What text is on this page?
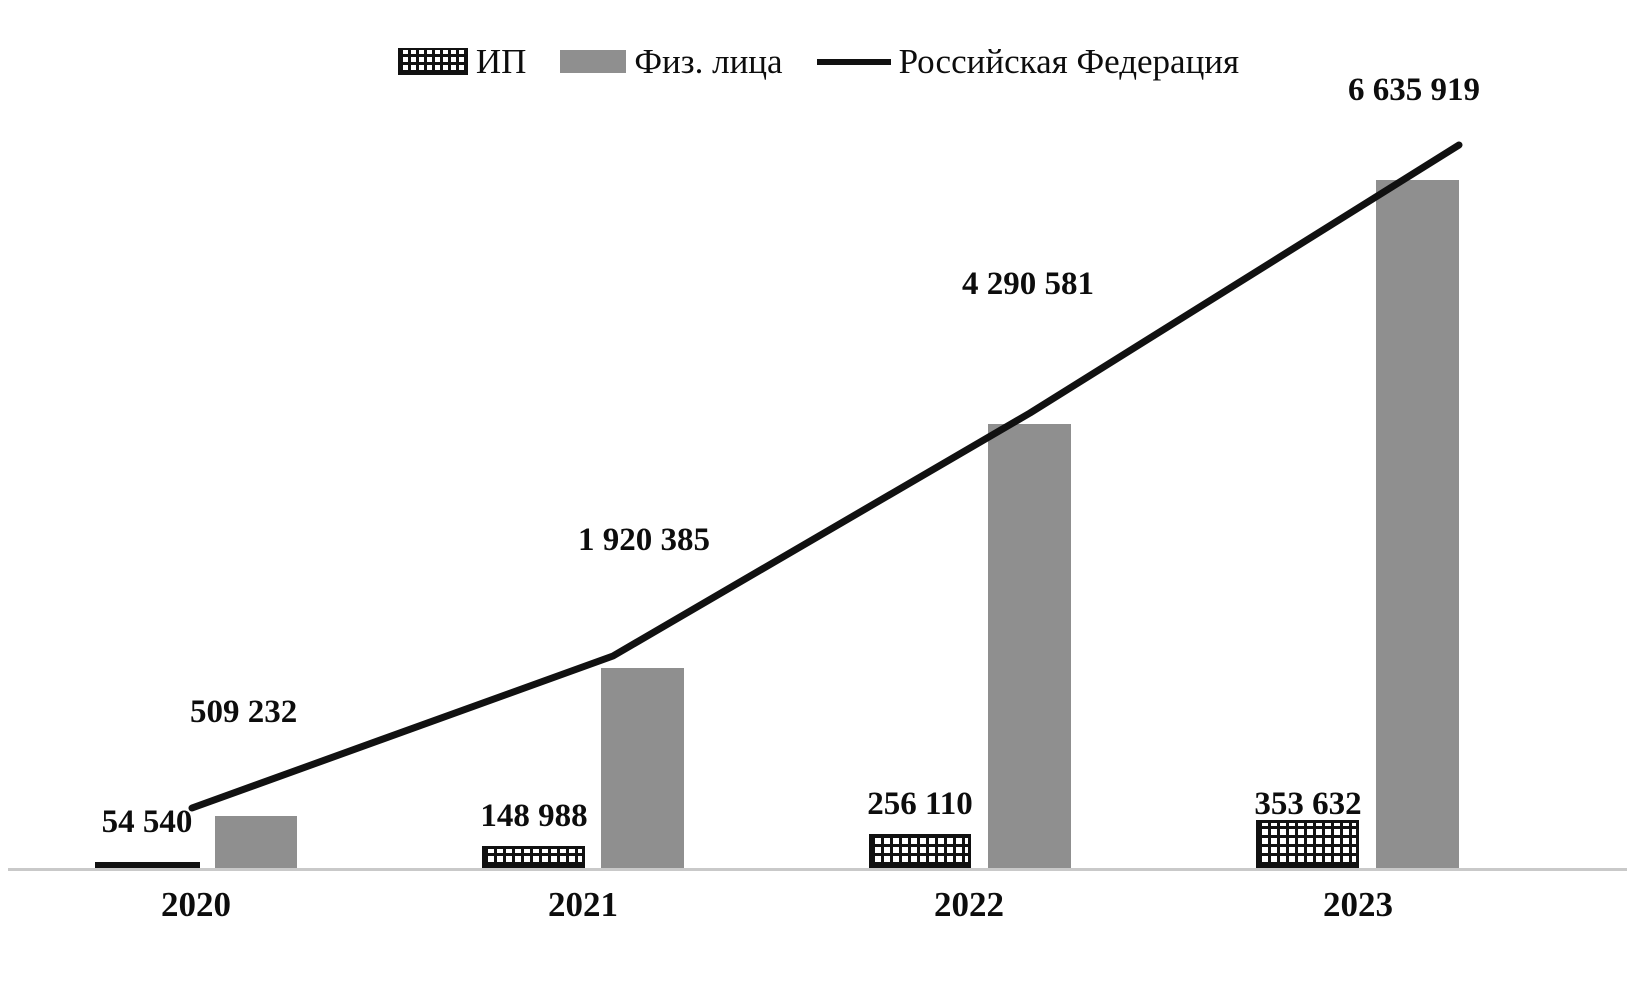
ИП	Физ. лица	Российская Федерация
54 540
509 232
148 988
1 920 385
256 110
4 290 581
353 632
6 635 919
2020	2021	2022	2023
